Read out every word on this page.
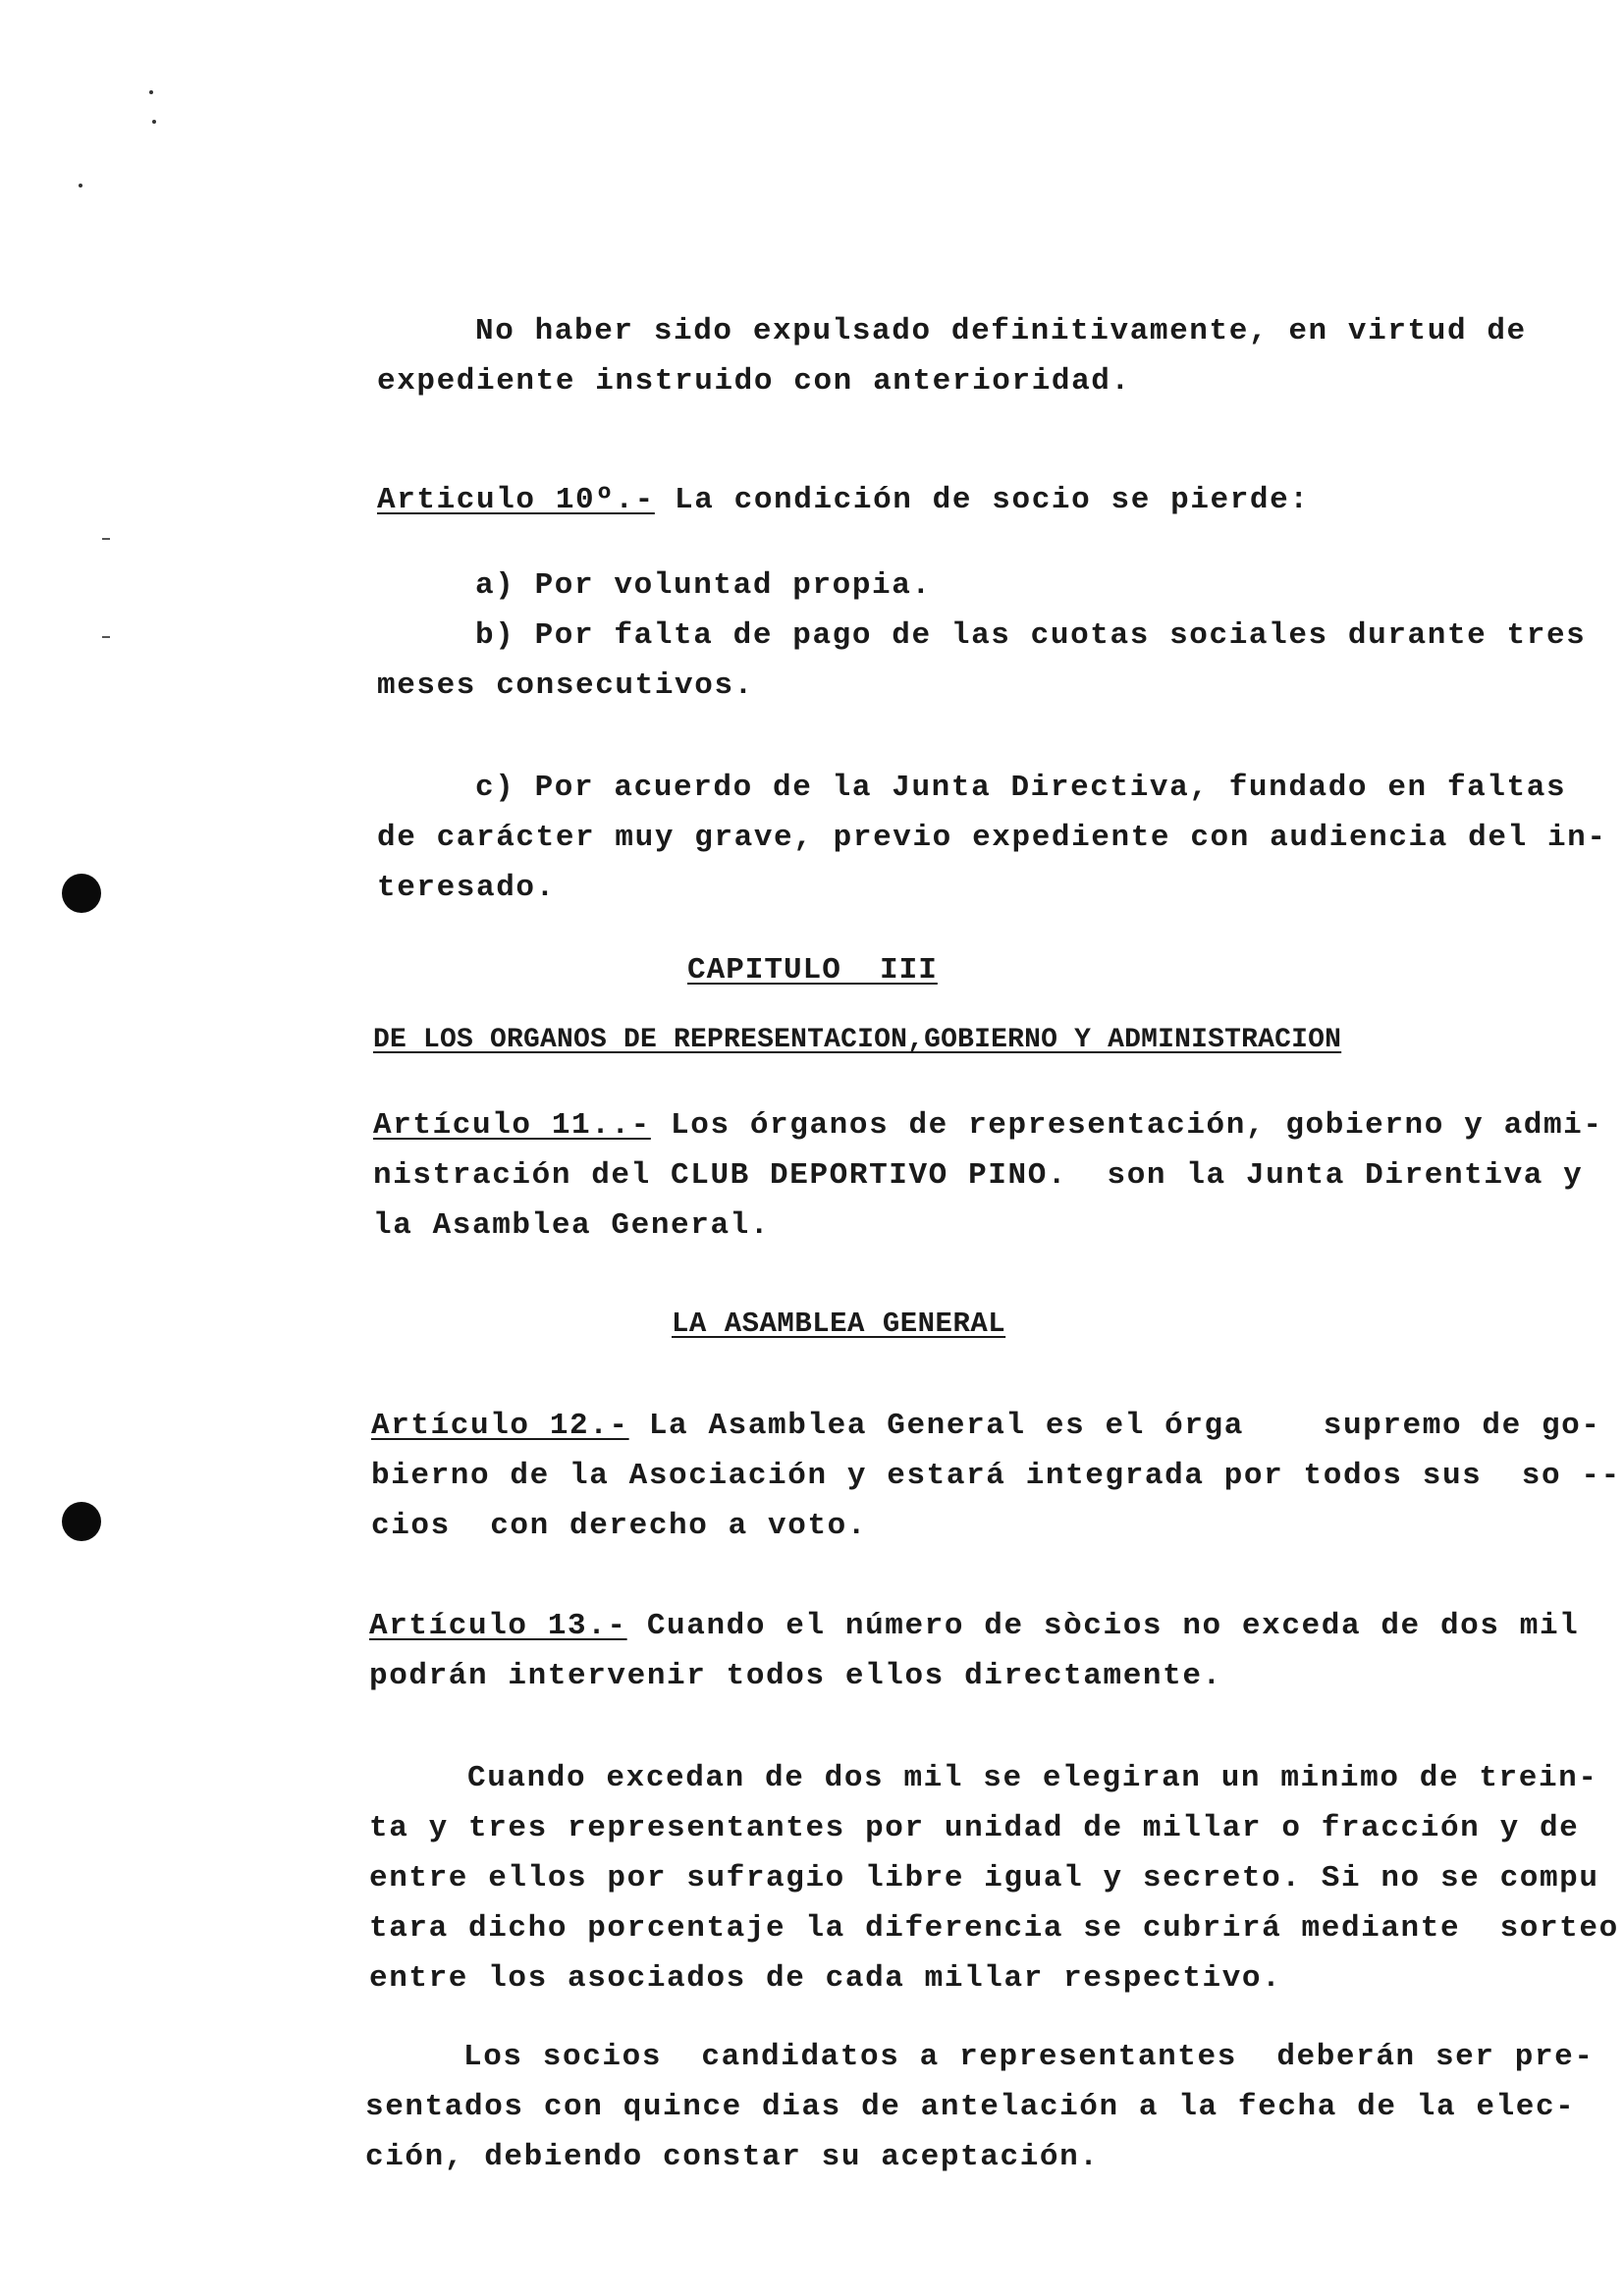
No haber sido expulsado definitivamente, en virtud de
expediente instruido con anterioridad.
Articulo 10º.- La condición de socio se pierde:
a) Por voluntad propia.
b) Por falta de pago de las cuotas sociales durante tres
meses consecutivos.
c) Por acuerdo de la Junta Directiva, fundado en faltas
de carácter muy grave, previo expediente con audiencia del in-
teresado.
CAPITULO  III
DE LOS ORGANOS DE REPRESENTACION,GOBIERNO Y ADMINISTRACION
Artículo 11..- Los órganos de representación, gobierno y admi-
nistración del CLUB DEPORTIVO PINO.  son la Junta Direntiva y
la Asamblea General.
LA ASAMBLEA GENERAL
Artículo 12.- La Asamblea General es el órga    supremo de go-
bierno de la Asociación y estará integrada por todos sus  so --
cios  con derecho a voto.
Artículo 13.- Cuando el número de sòcios no exceda de dos mil
podrán intervenir todos ellos directamente.
Cuando excedan de dos mil se elegiran un minimo de trein-
ta y tres representantes por unidad de millar o fracción y de
entre ellos por sufragio libre igual y secreto. Si no se compu
tara dicho porcentaje la diferencia se cubrirá mediante  sorteo
entre los asociados de cada millar respectivo.
Los socios  candidatos a representantes  deberán ser pre-
sentados con quince dias de antelación a la fecha de la elec-
ción, debiendo constar su aceptación.
